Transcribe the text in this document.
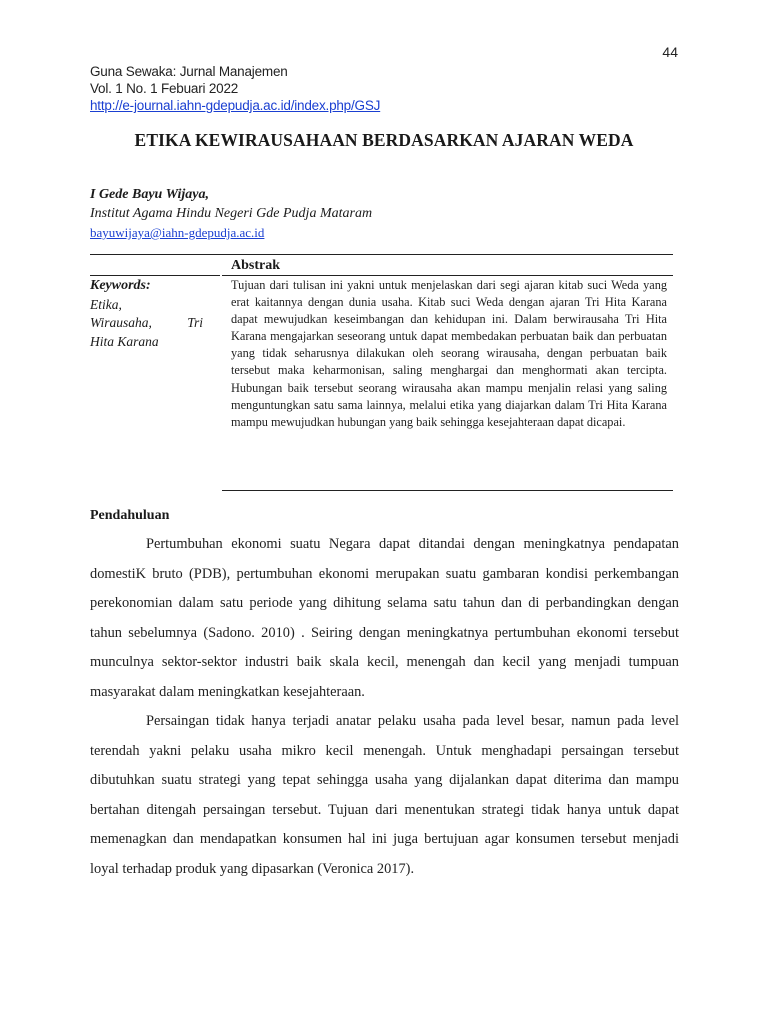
44
Guna Sewaka: Jurnal Manajemen
Vol. 1 No. 1 Febuari 2022
http://e-journal.iahn-gdepudja.ac.id/index.php/GSJ
ETIKA KEWIRAUSAHAAN BERDASARKAN AJARAN WEDA
I Gede Bayu Wijaya,
Institut Agama Hindu Negeri Gde Pudja Mataram
bayuwijaya@iahn-gdepudja.ac.id
Abstrak
Keywords:
Etika,
Wirausaha, Tri
Hita Karana
Tujuan dari tulisan ini yakni untuk menjelaskan dari segi ajaran kitab suci Weda yang erat kaitannya dengan dunia usaha. Kitab suci Weda dengan ajaran Tri Hita Karana dapat mewujudkan keseimbangan dan kehidupan ini. Dalam berwirausaha Tri Hita Karana mengajarkan seseorang untuk dapat membedakan perbuatan baik dan perbuatan yang tidak seharusnya dilakukan oleh seorang wirausaha, dengan perbuatan baik tersebut maka keharmonisan, saling menghargai dan menghormati akan tercipta. Hubungan baik tersebut seorang wirausaha akan mampu menjalin relasi yang saling menguntungkan satu sama lainnya, melalui etika yang diajarkan dalam Tri Hita Karana mampu mewujudkan hubungan yang baik sehingga kesejahteraan dapat dicapai.
Pendahuluan

Pertumbuhan ekonomi suatu Negara dapat ditandai dengan meningkatnya pendapatan domestiK bruto (PDB), pertumbuhan ekonomi merupakan suatu gambaran kondisi perkembangan perekonomian dalam satu periode yang dihitung selama satu tahun dan di perbandingkan dengan tahun sebelumnya (Sadono. 2010) . Seiring dengan meningkatnya pertumbuhan ekonomi tersebut munculnya sektor-sektor industri baik skala kecil, menengah dan kecil yang menjadi tumpuan masyarakat dalam meningkatkan kesejahteraan.

Persaingan tidak hanya terjadi anatar pelaku usaha pada level besar, namun pada level terendah yakni pelaku usaha mikro kecil menengah. Untuk menghadapi persaingan tersebut dibutuhkan suatu strategi yang tepat sehingga usaha yang dijalankan dapat diterima dan mampu bertahan ditengah persaingan tersebut. Tujuan dari menentukan strategi tidak hanya untuk dapat memenagkan dan mendapatkan konsumen hal ini juga bertujuan agar konsumen tersebut menjadi loyal terhadap produk yang dipasarkan (Veronica 2017).
